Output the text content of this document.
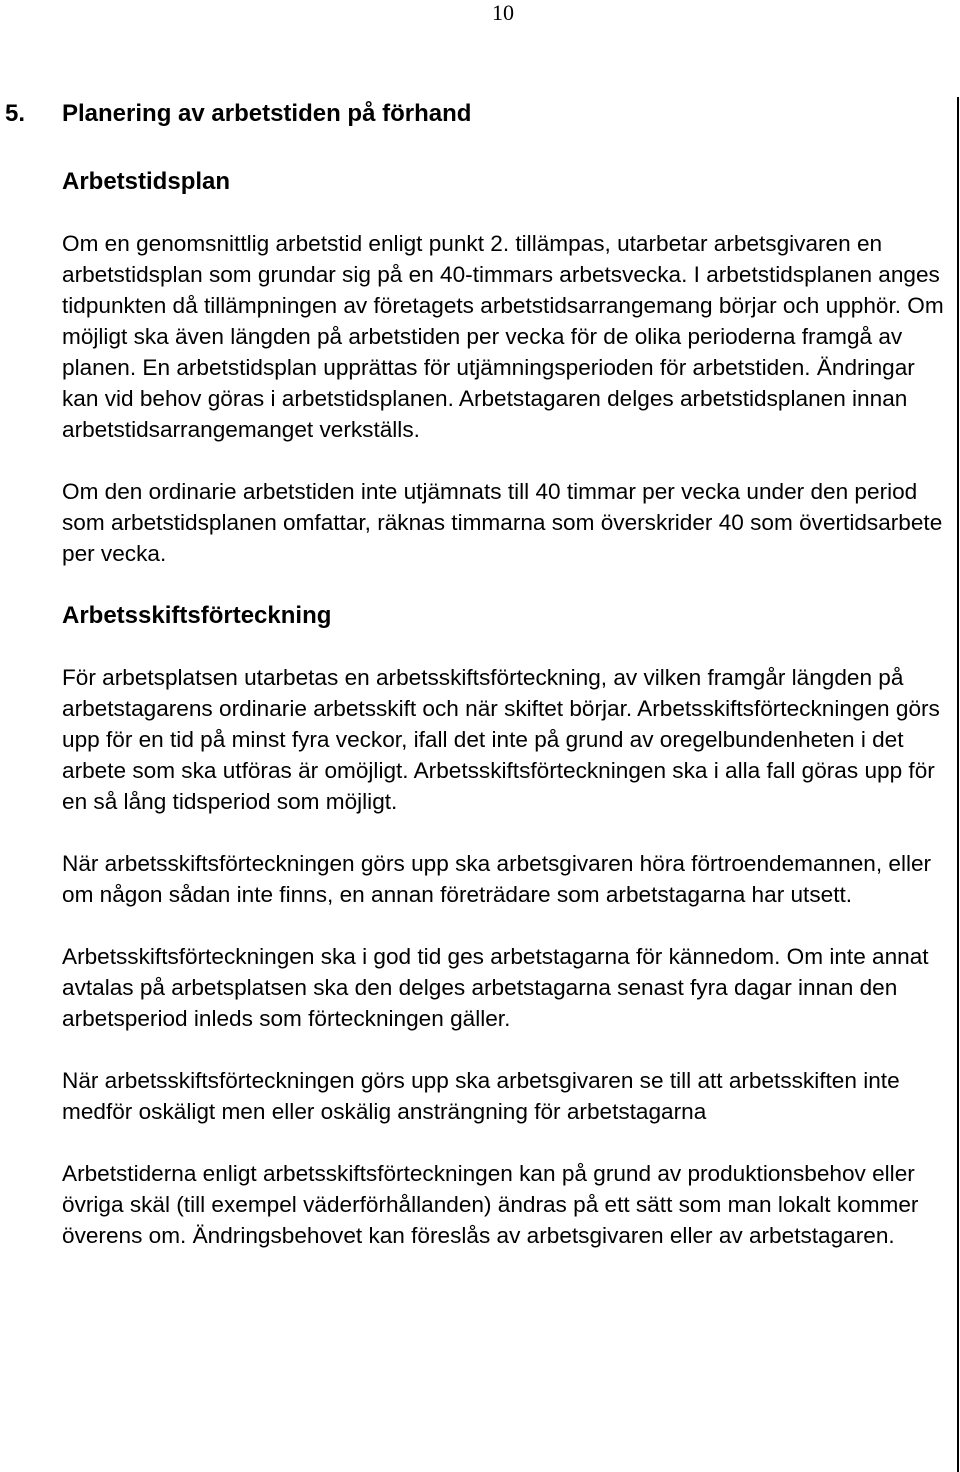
10
5. Planering av arbetstiden på förhand
Arbetstidsplan

Om en genomsnittlig arbetstid enligt punkt 2. tillämpas, utarbetar arbetsgivaren en arbetstidsplan som grundar sig på en 40-timmars arbetsvecka. I arbetstidsplanen anges tidpunkten då tillämpningen av företagets arbetstidsarrangemang börjar och upphör. Om möjligt ska även längden på arbetstiden per vecka för de olika perioderna framgå av planen. En arbetstidsplan upprättas för utjämningsperioden för arbetstiden. Ändringar kan vid behov göras i arbetstidsplanen. Arbetstagaren delges arbetstidsplanen innan arbetstidsarrangemanget verkställs.

Om den ordinarie arbetstiden inte utjämnats till 40 timmar per vecka under den period som arbetstidsplanen omfattar, räknas timmarna som överskrider 40 som övertidsarbete per vecka.

Arbetsskiftsförteckning

För arbetsplatsen utarbetas en arbetsskiftsförteckning, av vilken framgår längden på arbetstagarens ordinarie arbetsskift och när skiftet börjar. Arbetsskiftsförteckningen görs upp för en tid på minst fyra veckor, ifall det inte på grund av oregelbundenheten i det arbete som ska utföras är omöjligt. Arbetsskiftsförteckningen ska i alla fall göras upp för en så lång tidsperiod som möjligt.

När arbetsskiftsförteckningen görs upp ska arbetsgivaren höra förtroendemannen, eller om någon sådan inte finns, en annan företrädare som arbetstagarna har utsett.

Arbetsskiftsförteckningen ska i god tid ges arbetstagarna för kännedom. Om inte annat avtalas på arbetsplatsen ska den delges arbetstagarna senast fyra dagar innan den arbetsperiod inleds som förteckningen gäller.

När arbetsskiftsförteckningen görs upp ska arbetsgivaren se till att arbetsskiften inte medför oskäligt men eller oskälig ansträngning för arbetstagarna

Arbetstiderna enligt arbetsskiftsförteckningen kan på grund av produktionsbehov eller övriga skäl (till exempel väderförhållanden) ändras på ett sätt som man lokalt kommer överens om. Ändringsbehovet kan föreslås av arbetsgivaren eller av arbetstagaren.
